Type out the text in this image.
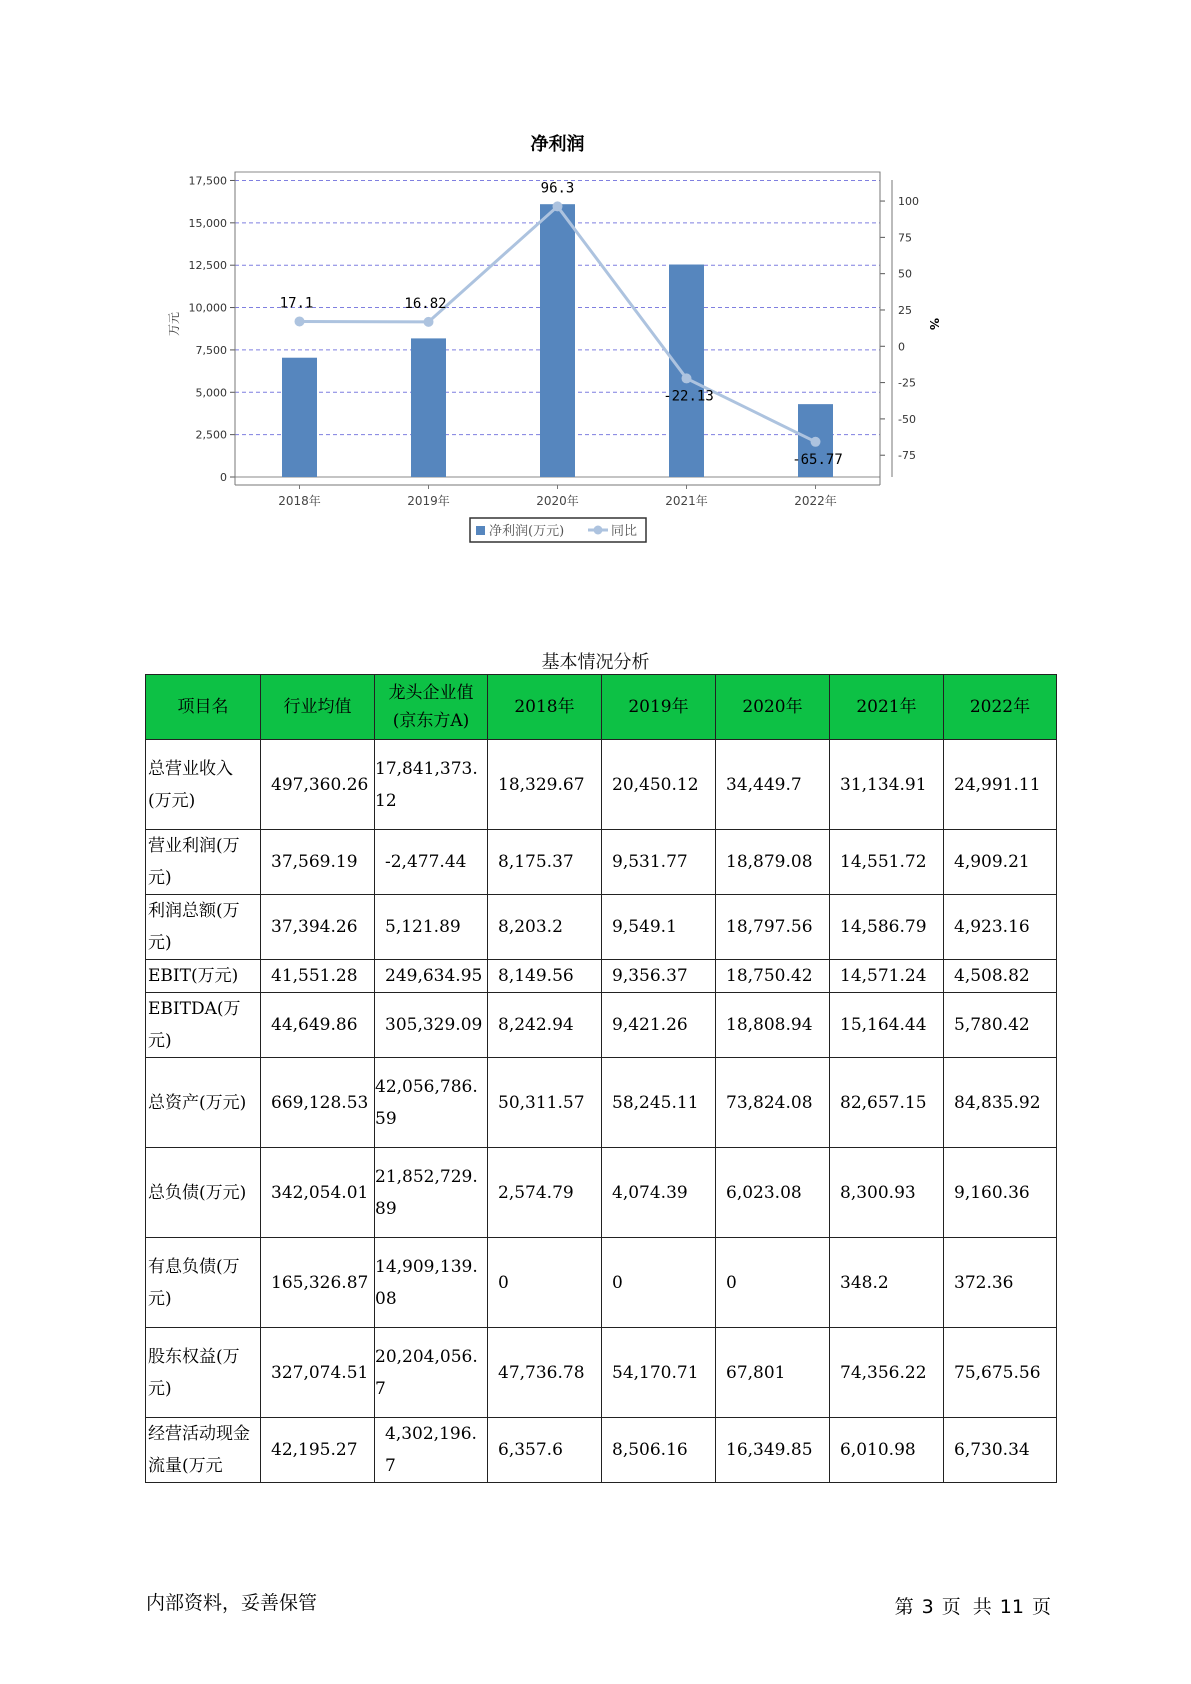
净利润
0
2,500
5,000
7,500
10,000
12,500
15,000
17,500
-75
-50
-25
0
25
50
75
100
万元	%
2018年	2019年	2020年	2021年	2022年
17.1	16.82
96.3
-22.13
-65.77
净利润(万元)	同比
基本情况分析
项目名	行业均值	龙头企业值(京东方A)	2018年	2019年	2020年	2021年	2022年
总营业收入(万元)	497,360.26	17,841,373.12	18,329.67	20,450.12	34,449.7	31,134.91	24,991.11
营业利润(万元)	37,569.19	-2,477.44	8,175.37	9,531.77	18,879.08	14,551.72	4,909.21
利润总额(万元)	37,394.26	5,121.89	8,203.2	9,549.1	18,797.56	14,586.79	4,923.16
EBIT(万元)	41,551.28	249,634.95	8,149.56	9,356.37	18,750.42	14,571.24	4,508.82
EBITDA(万元)	44,649.86	305,329.09	8,242.94	9,421.26	18,808.94	15,164.44	5,780.42
总资产(万元)	669,128.53	42,056,786.59	50,311.57	58,245.11	73,824.08	82,657.15	84,835.92
总负债(万元)	342,054.01	21,852,729.89	2,574.79	4,074.39	6,023.08	8,300.93	9,160.36
有息负债(万元)	165,326.87	14,909,139.08	0	0	0	348.2	372.36
股东权益(万元)	327,074.51	20,204,056.7	47,736.78	54,170.71	67,801	74,356.22	75,675.56
经营活动现金流量(万元	42,195.27	4,302,196.7	6,357.6	8,506.16	16,349.85	6,010.98	6,730.34
内部资料，妥善保管	第 3 页  共 11 页
